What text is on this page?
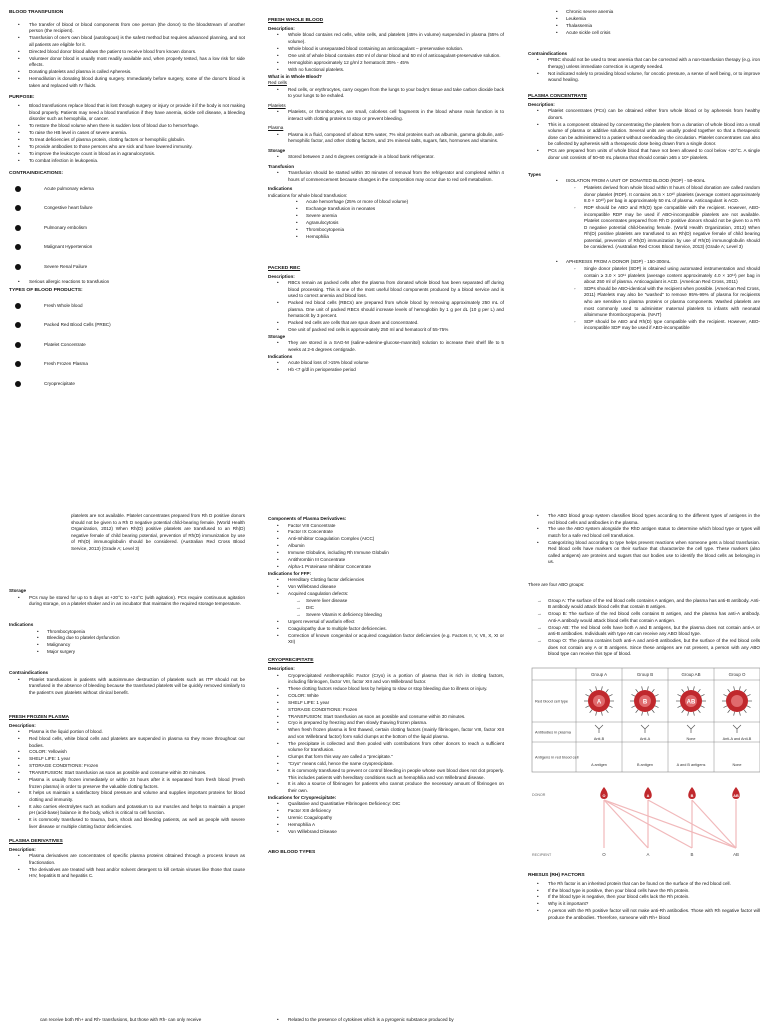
BLOOD TRANSFUSION
• The transfer of blood or blood components from one person (the donor) to the bloodstream of another person (the recipient).
• Transfusion of one's own blood (autologous) is the safest method but requires advanced planning, and not all patients are eligible for it.
• Directed blood donor blood allows the patient to receive blood from known donors.
• Volunteer donor blood is usually most readily available and, when properly tested, has a low risk for side effects.
• Donating platelets and plasma is called Apheresis.
• Hemodilution is donating blood during surgery. Immediately before surgery, some of the donor's blood is taken and replaced with IV fluids.
PURPOSE:
• Blood transfusions replace blood that is lost through surgery or injury or provide it if the body is not making blood properly. Patients may need a blood transfusion if they have anemia, sickle cell disease, a bleeding disorder such as hemophilia, or cancer.
• To restore the blood volume when there is sudden loss of blood due to hemorrhage.
• To raise the HB level in cases of severe anemia.
• To treat deficiencies of plasma protein, clotting factors or hemophilic globulin.
• To provide antibodies to those persons who are sick and have lowered immunity.
• To improve the leukocyte count in blood as in agranulocytosis.
• To combat infection in leukopenia.
CONTRAINDICATIONS:
Acute pulmonary edema
Congestive heart failure
Pulmonary embolism
Malignant Hypertension
Severe Renal Failure
• Serious allergic reactions to transfusion
TYPES OF BLOOD PRODUCTS:
Fresh Whole blood
Packed Red Blood Cells (PRBC)
Platelet Concentrate
Fresh Frozen Plasma
Cryoprecipitate
FRESH WHOLE BLOOD
Description:
• Whole blood contains red cells, white cells, and platelets (45% in volume) suspended in plasma (55% of volume).
• Whole blood is unseparated blood containing an anticoagulant – preservative solution.
• One unit of whole blood contains 450 ml of donor blood and 50 ml of anticoagulant-preservative solution.
• Hemoglobin approximately 12 g/ml 2 hematocrit 35% - 45%
• With no functional platelets.
What is in Whole Blood?
Red cells
• Red cells, or erythrocytes, carry oxygen from the lungs to your body's tissue and take carbon dioxide back to your lungs to be exhaled.
Platelets
• Platelets, or thrombocytes, are small, colorless cell fragments in the blood whose main function is to interact with clotting proteins to stop or prevent bleeding.
Plasma
• Plasma is a fluid, composed of about 92% water, 7% vital proteins such as albumin, gamma globulin, anti-hemophilic factor, and other clotting factors, and 1% mineral salts, sugars, fats, hormones and vitamins.
Storage
• Stored between 2 and 6 degrees centigrade in a blood bank refrigerator.
Transfusion
• Transfusion should be started within 30 minutes of removal from the refrigerator and completed within 4 hours of commencement because changes in the composition may occur due to red cell metabolism.
Indications
Indications for whole blood transfusion:
• Acute hemorrhage (25% or more of blood volume)
• Exchange transfusion in neonates
• Severe anemia
• Agranulocytosis
• Thrombocytopenia
• Hemophilia
PACKED RBC
Description:
• RBCs remain as packed cells after the plasma from donated whole blood has been separated off during blood processing. This is one of the most useful blood components produced by a blood service and is used to correct anemia and blood loss.
• Packed red blood cells (RBCs) are prepared from whole blood by removing approximately 250 mL of plasma. One unit of packed RBCs should increase levels of hemoglobin by 1 g per dL (10 g per L) and hematocrit by 3 percent.
• Packed red cells are cells that are spun down and concentrated.
• One unit of packed red cells is approximately 250 ml and hematocrit of 55-75%
Storage
• They are stored in a SAG-M (saline-adenine-glucose-mannitol) solution to increase their shelf life to 5 weeks at 2-6 degrees centigrade.
Indications
• Acute blood loss of >15% blood volume
• Hb <7 g/dl in perioperative period
• Chronic severe anemia
• Leukemia
• Thalassemia
• Acute sickle cell crisis
Contraindications
• PRBC should not be used to treat anemia that can be corrected with a non-transfusion therapy (e.g. iron therapy) unless immediate correction is urgently needed.
• Not indicated solely to providing blood volume, for oncotic pressure, a sense of well being, or to improve wound healing.
PLASMA CONCENTRATE
Description:
• Platelet concentrates (PCs) can be obtained either from whole blood or by apheresis from healthy donors.
• This is a component obtained by concentrating the platelets from a donation of whole blood into a small volume of plasma or additive solution. Several units are usually pooled together so that a therapeutic dose can be administered to a patient without overloading the circulation. Platelet concentrates can also be collected by apheresis with a therapeutic dose being drawn from a single donor.
• PCs are prepared from units of whole blood that have not been allowed to cool below +20°C. A single donor unit consists of 50-60 mL plasma that should contain ≥55 x 10⁹ platelets.
Types
• ISOLATION FROM A UNIT OF DONATED BLOOD (RDP) - 50-60mL
◦ Platelets derived from whole blood within 8 hours of blood donation are called random donor platelet (RDP). It contains ≥5.5 × 10¹⁰ platelets (average content approximately 8.0 × 10¹⁰) per bag in approximately 50 mL of plasma. Anticoagulant is ACD.
◦ RDP should be ABO and Rh(D) type compatible with the recipient. However, ABO-incompatible RDP may be used if ABO-incompatible platelets are not available. Platelet concentrates prepared from Rh D positive donors should not be given to a Rh D negative potential child-bearing female. (World Health Organization, 2012) When Rh(D) positive platelets are transfused to an Rh(D) negative female of child bearing potential, prevention of Rh(D) immunization by use of Rh(D) immunoglobulin should be considered. (Australian Red Cross Blood Service, 2013) (Grade A; Level 3)
• APHERESIS FROM A DONOR (SDP) - 150-300mL
◦ Single donor platelet (SDP) is obtained using automated instrumentation and should contain ≥ 3.0 × 10¹¹ platelets (average content approximately 4.0 × 10¹¹) per bag in about 250 ml of plasma. Anticoagulant is ACD. (American Red Cross, 2011)
◦ SDPs should be ABO-identical with the recipient when possible. (American Red Cross, 2011) Platelets may also be "washed" to remove 95%-99% of plasma for recipients who are sensitive to plasma proteins or plasma components. Washed platelets are most commonly used to administer maternal platelets to infants with neonatal alloimmune thrombocytopenia. (NAIT)
◦ SDP should be ABO and Rh(D) type compatible with the recipient. However, ABO-incompatible SDP may be used if ABO-incompatible
platelets are not available. Platelet concentrates prepared from Rh D positive donors should not be given to a Rh D negative potential child-bearing female. (World Health Organization, 2012) When Rh(D) positive platelets are transfused to an Rh(D) negative female of child bearing potential, prevention of Rh(D) immunization by use of Rh(D) immunoglobulin should be considered. (Australian Red Cross Blood Service, 2013) (Grade A; Level 3)
Storage
• PCs may be stored for up to 5 days at +20°C to +24°C (with agitation). PCs require continuous agitation during storage, on a platelet shaker and in an incubator that maintains the required storage temperature.
Indications
• Thrombocytopenia
• Bleeding due to platelet dysfunction
• Malignancy
• Major surgery
Contraindications
• Platelet transfusions in patients with autoimmune destruction of platelets such as ITP should not be transfused in the absence of bleeding because the transfused platelets will be quickly removed similarly to the patient's own platelets without clinical benefit.
FRESH FROZEN PLASMA
Description:
• Plasma is the liquid portion of blood.
• Red blood cells, white blood cells and platelets are suspended in plasma so they move throughout our bodies.
• COLOR: Yellowish
• SHELF LIFE: 1 year
• STORAGE CONDITIONS: Frozen
• TRANSFUSION: Start transfusion as soon as possible and consume within 30 minutes.
• Plasma is usually frozen immediately or within 24 hours after it is separated from fresh blood (Fresh frozen plasma) in order to preserve the valuable clotting factors.
• It helps us maintain a satisfactory blood pressure and volume and supplies important proteins for blood clotting and immunity.
• It also carries electrolytes such as sodium and potassium to our muscles and helps to maintain a proper pH (acid-base) balance in the body, which is critical to cell function.
• It is commonly transfused to trauma, burn, shock and bleeding patients, as well as people with severe liver disease or multiple clotting factor deficiencies.
PLASMA DERIVATIVES
Description:
• Plasma derivatives are concentrates of specific plasma proteins obtained through a process known as fractionation.
• The derivatives are treated with heat and/or solvent detergent to kill certain viruses like those that cause HIV, hepatitis B and hepatitis C.
Components of Plasma Derivatives:
• Factor VIII Concentrate
• Factor IX Concentrate
• Anti-Inhibitor Coagulation Complex (AICC)
• Albumin
• Immune Globulins, including Rh Immune Globulin
• Antithrombin III Concentrate
• Alpha-1 Proteinase Inhibitor Concentrate
Indications for FFP:
• Hereditary Clotting factor deficiencies
• Von Willebrand disease
• Acquired coagulation defects:
→ Severe liver disease
→ DIC
→ Severe Vitamin K deficiency bleeding
• Urgent reversal of warfarin effect
• Coagulopathy due to multiple factor deficiencies.
• Correction of known congenital or acquired coagulation factor deficiencies (e.g. Factors II, V, VII, X, XI or XII)
CRYOPRECIPITATE
Description:
• Cryoprecipitated Antihemophilic Factor (Cryo) is a portion of plasma that is rich in clotting factors, including fibrinogen, factor VIII, factor XIII and von Willebrand factor.
• These clotting factors reduce blood loss by helping to slow or stop bleeding due to illness or injury.
• COLOR: White
• SHELF LIFE: 1 year
• STORAGE CONDITIONS: Frozen
• TRANSFUSION: Start transfusion as soon as possible and consume within 30 minutes.
• Cryo is prepared by freezing and then slowly thawing frozen plasma.
• When fresh frozen plasma is first thawed, certain clotting factors (mainly fibrinogen, factor VIII, factor XIII and von Willebrand factor) form solid clumps at the bottom of the liquid plasma.
• The precipitate is collected and then pooled with contributions from other donors to reach a sufficient volume for transfusion.
• Clumps that form this way are called a "precipitate."
• "Cryo" means cold, hence the name cryoprecipitate.
• It is commonly transfused to prevent or control bleeding in people whose own blood does not clot properly. This includes patients with hereditary conditions such as hemophilia and von Willebrand disease.
• It is also a source of fibrinogen for patients who cannot produce the necessary amount of fibrinogen on their own.
Indications for Cryoprecipitate:
• Qualitative and Quantitative Fibrinogen Deficiency: DIC
• Factor XIII deficiency
• Uremic Coagulopathy
• Hemophilia A
• Von Willebrand Disease
ABO BLOOD TYPES
• The ABO blood group system classifies blood types according to the different types of antigens in the red blood cells and antibodies in the plasma.
• The use the ABO system alongside the RhD antigen status to determine which blood type or types will match for a safe red blood cell transfusion.
• Categorizing blood according to type helps prevent reactions when someone gets a blood transfusion. Red blood cells have markers on their surface that characterize the cell type. These markers (also called antigens) are proteins and sugars that our bodies use to identify the blood cells as belonging in us.
There are four ABO groups:
→ Group A: The surface of the red blood cells contains A antigen, and the plasma has anti-B antibody. Anti-B antibody would attack blood cells that contain B antigen.
→ Group B: The surface of the red blood cells contains B antigen, and the plasma has anti-A antibody. Anti-A antibody would attack blood cells that contain A antigen.
→ Group AB: The red blood cells have both A and B antigens, but the plasma does not contain anti-A or anti-B antibodies. Individuals with type AB can receive any ABO blood type.
→ Group O: The plasma contains both anti-A and anti-B antibodies, but the surface of the red blood cells does not contain any A or B antigens. Since these antigens are not present, a person with any ABO blood type can receive this type of blood.
Group A	Group B	Group AB	Group O
Red blood cell type
Antibodies in plasma
Antigens in red blood cell
A
Anti-B
A antigen
B
Anti-A
B antigen
AB
None
A and B antigens
Anti-A and Anti-B
None
DONOR
RECIPIENT
O	A	B	AB
O	A	B	AB
RHESUS (RH) FACTORS
• The Rh factor is an inherited protein that can be found on the surface of the red blood cell.
• If the blood type is positive, then your blood cells have the Rh protein.
• If the blood type is negative, then your blood cells lack the Rh protein.
• Why is it important?
• A person with the Rh positive factor will not make anti-Rh antibodies. Those with Rh negative factor will produce the antibodies. Therefore, someone with Rh+ blood
can receive both Rh+ and Rh- transfusions, but those with Rh- can only receive
•	Related to the presence of cytokines which is a pyrogenic substance produced by
